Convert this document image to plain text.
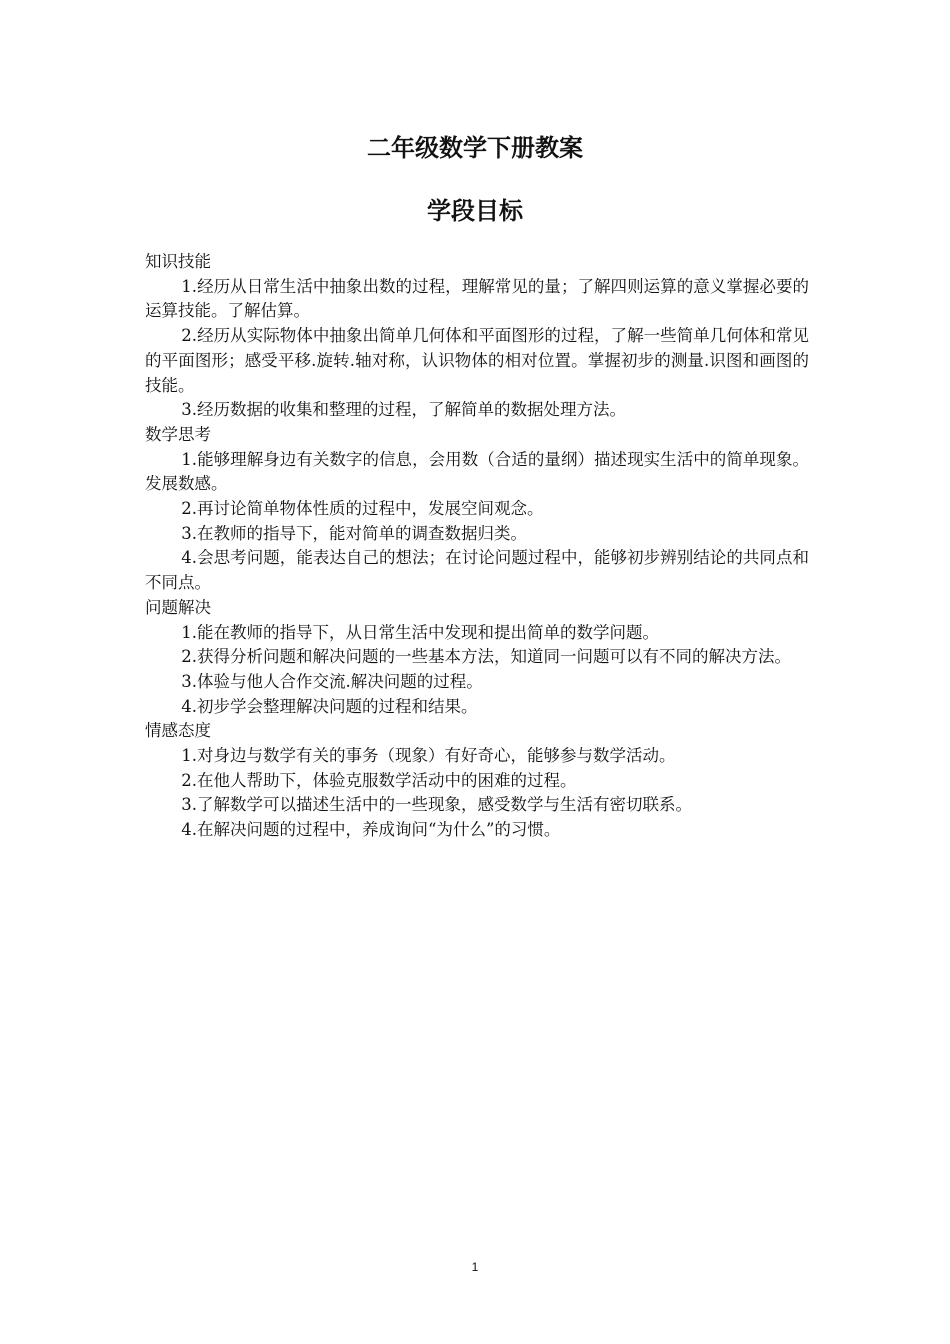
二年级数学下册教案
学段目标

知识技能

1.经历从日常生活中抽象出数的过程，理解常见的量；了解四则运算的意义掌握必要的运算技能。了解估算。

2.经历从实际物体中抽象出简单几何体和平面图形的过程，了解一些简单几何体和常见的平面图形；感受平移.旋转.轴对称，认识物体的相对位置。掌握初步的测量.识图和画图的技能。

3.经历数据的收集和整理的过程，了解简单的数据处理方法。

数学思考

1.能够理解身边有关数字的信息，会用数（合适的量纲）描述现实生活中的简单现象。发展数感。

2.再讨论简单物体性质的过程中，发展空间观念。

3.在教师的指导下，能对简单的调查数据归类。

4.会思考问题，能表达自己的想法；在讨论问题过程中，能够初步辨别结论的共同点和不同点。

问题解决

1.能在教师的指导下，从日常生活中发现和提出简单的数学问题。

2.获得分析问题和解决问题的一些基本方法，知道同一问题可以有不同的解决方法。

3.体验与他人合作交流.解决问题的过程。

4.初步学会整理解决问题的过程和结果。

情感态度

1.对身边与数学有关的事务（现象）有好奇心，能够参与数学活动。

2.在他人帮助下，体验克服数学活动中的困难的过程。

3.了解数学可以描述生活中的一些现象，感受数学与生活有密切联系。

4.在解决问题的过程中，养成询问“为什么”的习惯。

1
